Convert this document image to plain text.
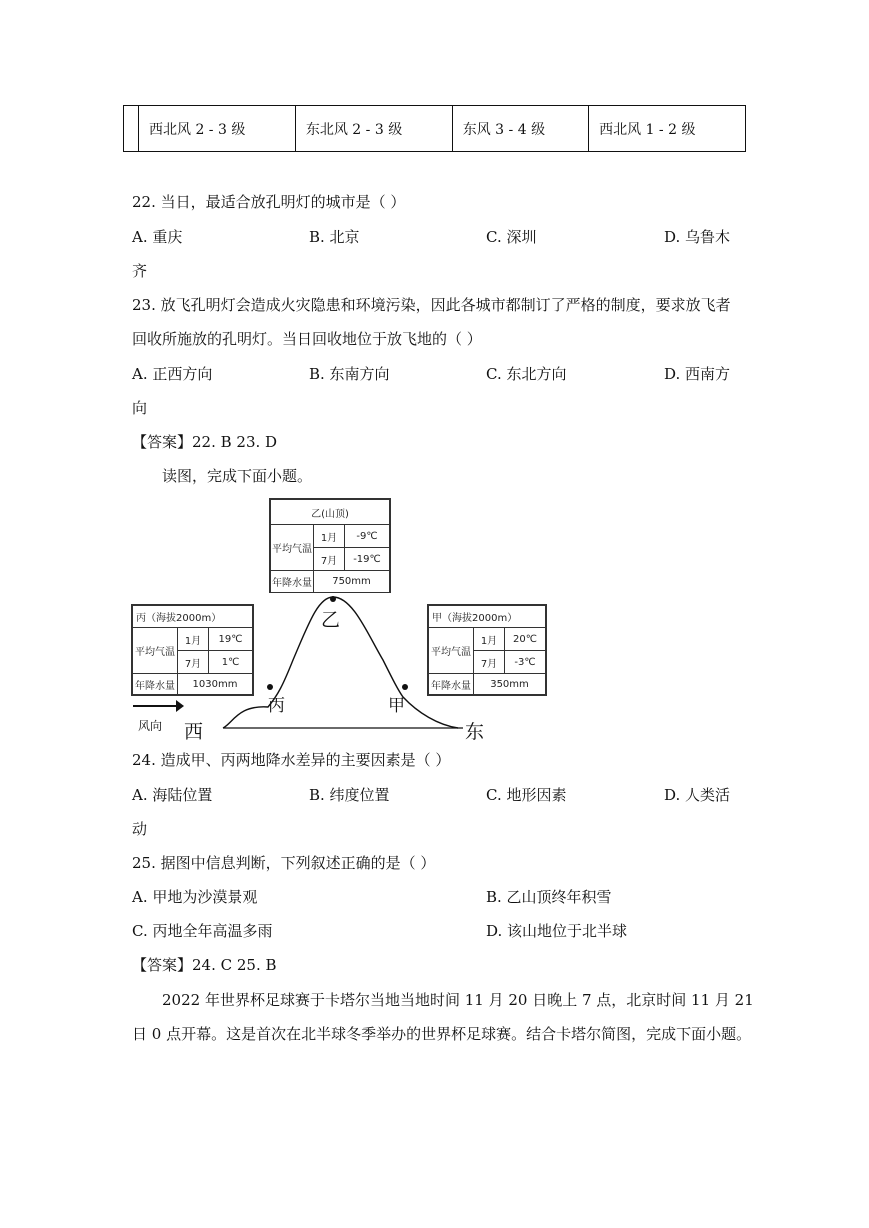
	西北风 2 - 3 级	东北风 2 - 3 级	东风 3 - 4 级	西北风 1 - 2 级
22. 当日，最适合放孔明灯的城市是（ ）
A. 重庆	B. 北京	C. 深圳	D. 乌鲁木
齐
23. 放飞孔明灯会造成火灾隐患和环境污染，因此各城市都制订了严格的制度，要求放飞者
回收所施放的孔明灯。当日回收地位于放飞地的（ ）
A. 正西方向	B. 东南方向	C. 东北方向	D. 西南方
向
【答案】22. B 23. D
读图，完成下面小题。
乙
丙	甲
西	东
风向
乙(山顶)		
平均气温	1月	-9℃
	7月	-19℃
年降水量	750mm	
丙（海拔2000m）		
平均气温	1月	19℃
	7月	1℃
年降水量	1030mm	
甲（海拔2000m）		
平均气温	1月	20℃
	7月	-3℃
年降水量	350mm	
24. 造成甲、丙两地降水差异的主要因素是（ ）
A. 海陆位置	B. 纬度位置	C. 地形因素	D. 人类活
动
25. 据图中信息判断，下列叙述正确的是（ ）
A. 甲地为沙漠景观	B. 乙山顶终年积雪
C. 丙地全年高温多雨	D. 该山地位于北半球
【答案】24. C 25. B
2022 年世界杯足球赛于卡塔尔当地当地时间 11 月 20 日晚上 7 点，北京时间 11 月 21
日 0 点开幕。这是首次在北半球冬季举办的世界杯足球赛。结合卡塔尔简图，完成下面小题。
